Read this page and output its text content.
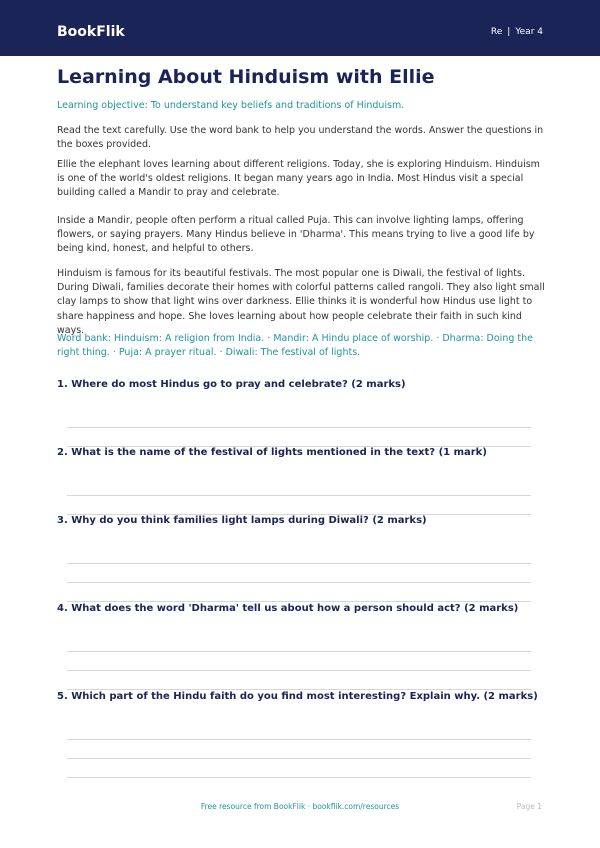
BookFlik	Re | Year 4
Learning About Hinduism with Ellie
Learning objective: To understand key beliefs and traditions of Hinduism.

Read the text carefully. Use the word bank to help you understand the words. Answer the questions in the boxes provided.

Ellie the elephant loves learning about different religions. Today, she is exploring Hinduism. Hinduism is one of the world's oldest religions. It began many years ago in India. Most Hindus visit a special building called a Mandir to pray and celebrate.

Inside a Mandir, people often perform a ritual called Puja. This can involve lighting lamps, offering flowers, or saying prayers. Many Hindus believe in 'Dharma'. This means trying to live a good life by being kind, honest, and helpful to others.

Hinduism is famous for its beautiful festivals. The most popular one is Diwali, the festival of lights. During Diwali, families decorate their homes with colorful patterns called rangoli. They also light small clay lamps to show that light wins over darkness. Ellie thinks it is wonderful how Hindus use light to share happiness and hope. She loves learning about how people celebrate their faith in such kind ways.

Word bank: Hinduism: A religion from India. · Mandir: A Hindu place of worship. · Dharma: Doing the right thing. · Puja: A prayer ritual. · Diwali: The festival of lights.
1. Where do most Hindus go to pray and celebrate? (2 marks)
2. What is the name of the festival of lights mentioned in the text? (1 mark)
3. Why do you think families light lamps during Diwali? (2 marks)
4. What does the word 'Dharma' tell us about how a person should act? (2 marks)
5. Which part of the Hindu faith do you find most interesting? Explain why. (2 marks)
Free resource from BookFlik · bookflik.com/resources	Page 1
